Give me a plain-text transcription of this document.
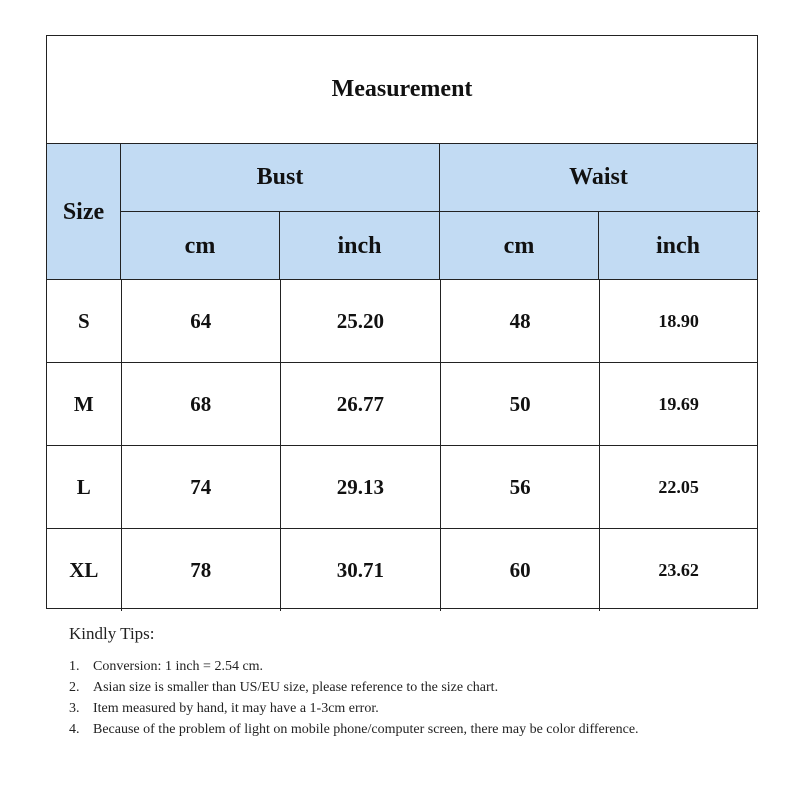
Measurement
Size
Bust	Waist
cm	inch	cm	inch
S	64	25.20	48	18.90
M	68	26.77	50	19.69
L	74	29.13	56	22.05
XL	78	30.71	60	23.62
Kindly Tips:
1. Conversion: 1 inch = 2.54 cm.
2. Asian size is smaller than US/EU size, please reference to the size chart.
3. Item measured by hand, it may have a 1-3cm error.
4. Because of the problem of light on mobile phone/computer screen, there may be color difference.
